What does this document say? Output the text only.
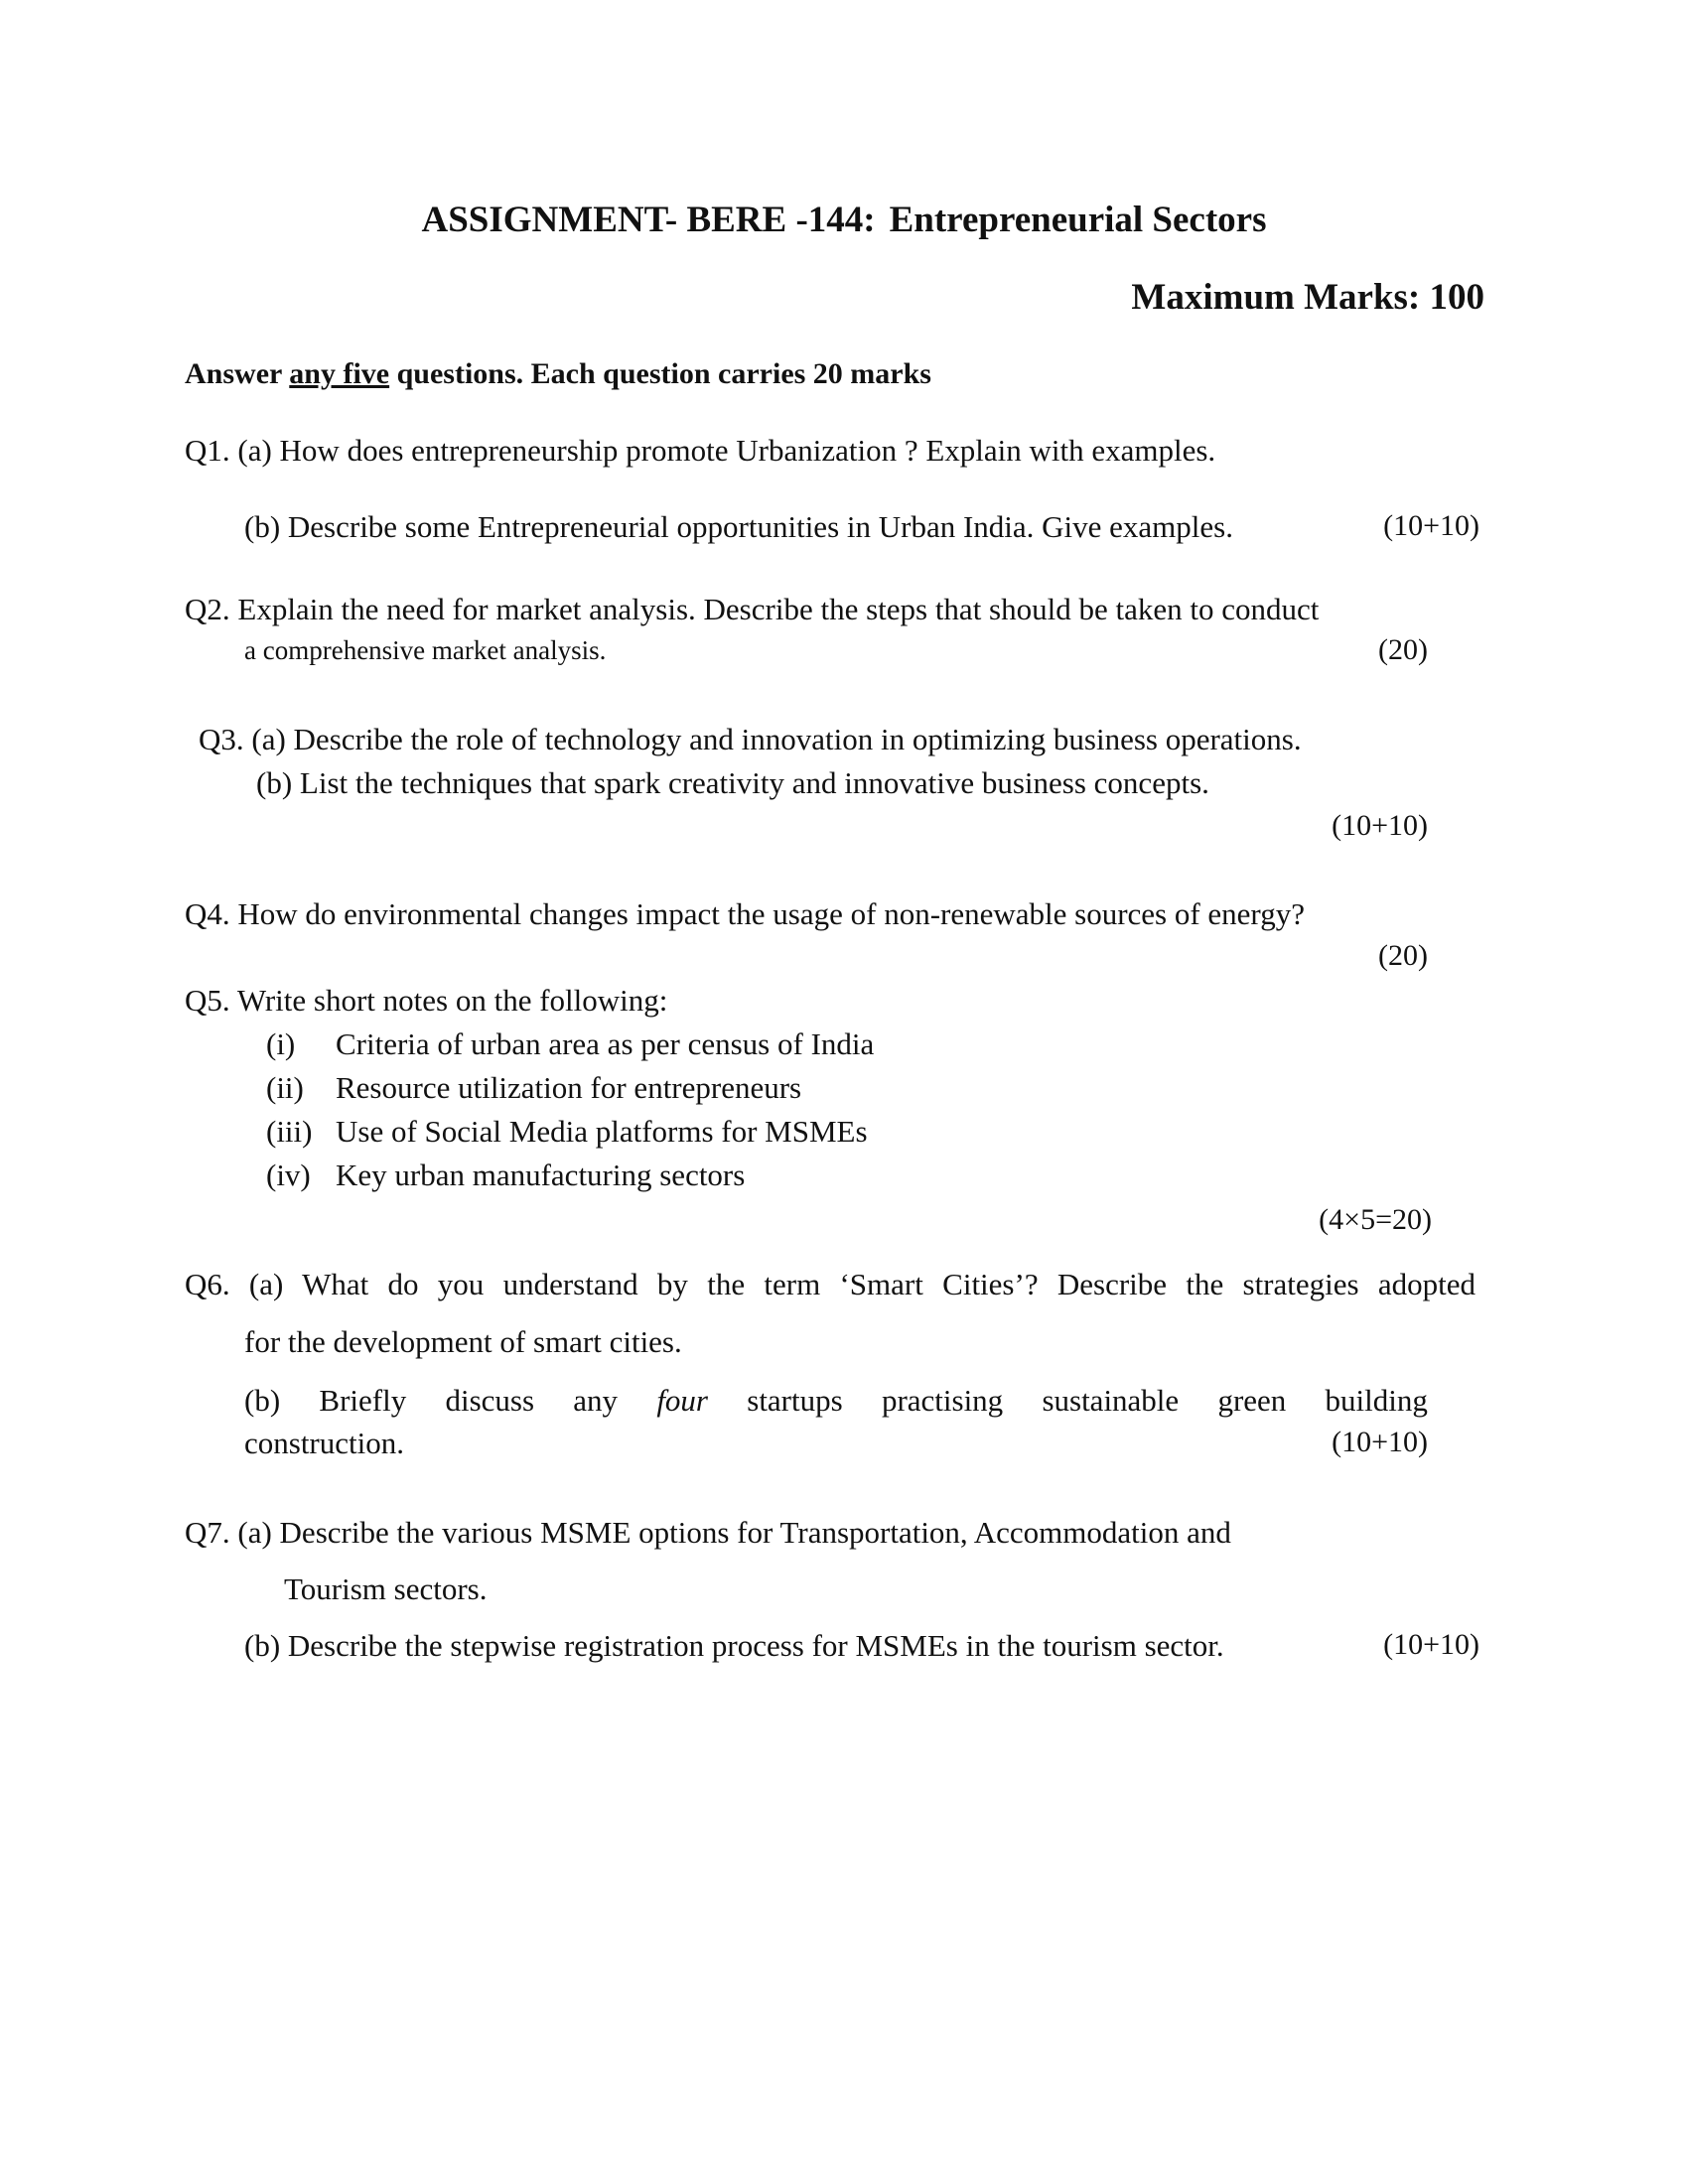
ASSIGNMENT- BERE -144: Entrepreneurial Sectors
Maximum Marks: 100
Answer any five questions. Each question carries 20 marks
Q1. (a) How does entrepreneurship promote Urbanization ? Explain with examples.
(b) Describe some Entrepreneurial opportunities in Urban India. Give examples.	(10+10)
Q2. Explain the need for market analysis. Describe the steps that should be taken to conduct
a comprehensive market analysis.	(20)
Q3. (a) Describe the role of technology and innovation in optimizing business operations.
(b) List the techniques that spark creativity and innovative business concepts.
(10+10)
Q4. How do environmental changes impact the usage of non-renewable sources of energy?
(20)
Q5. Write short notes on the following:
(i) Criteria of urban area as per census of India
(ii) Resource utilization for entrepreneurs
(iii) Use of Social Media platforms for MSMEs
(iv) Key urban manufacturing sectors
(4×5=20)
Q6. (a) What do you understand by the term ‘Smart Cities’? Describe the strategies adopted
for the development of smart cities.
(b) Briefly discuss any four startups practising sustainable green building
construction.	(10+10)
Q7. (a) Describe the various MSME options for Transportation, Accommodation and
Tourism sectors.
(b) Describe the stepwise registration process for MSMEs in the tourism sector.	(10+10)
